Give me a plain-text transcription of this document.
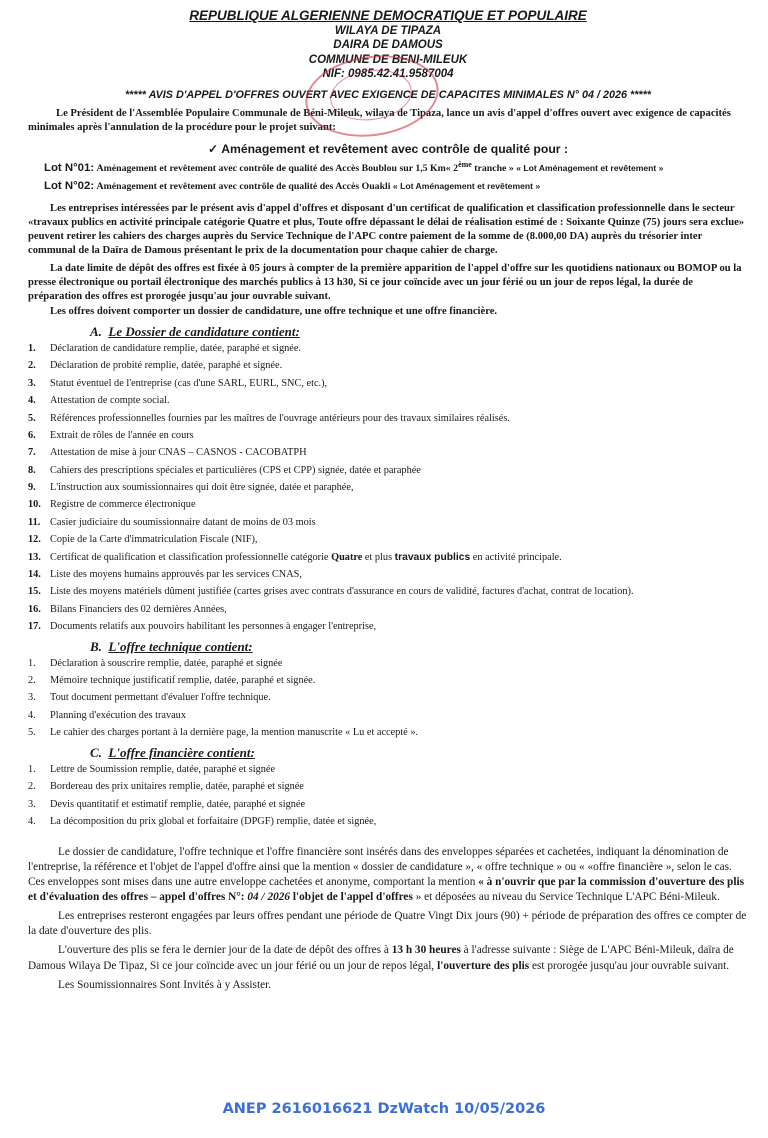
REPUBLIQUE ALGERIENNE DEMOCRATIQUE ET POPULAIRE
WILAYA DE TIPAZA
DAIRA DE DAMOUS
COMMUNE DE BENI-MILEUK
NIF: 0985.42.41.9587004
***** AVIS D'APPEL D'OFFRES OUVERT AVEC EXIGENCE DE CAPACITES MINIMALES N° 04 / 2026 *****

Le Président de l'Assemblée Populaire Communale de Béni-Mileuk, wilaya de Tipaza, lance un avis d'appel d'offres ouvert avec exigence de capacités minimales après l'annulation de la procédure pour le projet suivant:

✓ Aménagement et revêtement avec contrôle de qualité pour :
Lot N°01: Aménagement et revêtement avec contrôle de qualité des Accès Boublou sur 1,5 Km« 2ème tranche » « Lot Aménagement et revêtement »
Lot N°02: Aménagement et revêtement avec contrôle de qualité des Accès Ouakli « Lot Aménagement et revêtement »

Les entreprises intéressées par le présent avis d'appel d'offres et disposant d'un certificat de qualification et classification professionnelle dans le secteur «travaux publics en activité principale catégorie Quatre et plus, Toute offre dépassant le délai de réalisation estimé de : Soixante Quinze (75) jours sera exclue» peuvent retirer les cahiers des charges auprès du Service Technique de l'APC contre paiement de la somme de (8.000,00 DA) auprès du trésorier inter communal de la Daïra de Damous présentant le prix de la documentation pour chaque cahier de charge.

La date limite de dépôt des offres est fixée à 05 jours à compter de la première apparition de l'appel d'offre sur les quotidiens nationaux ou BOMOP ou la presse électronique ou portail électronique des marchés publics à 13 h30, Si ce jour coïncide avec un jour férié ou un jour de repos légal, la durée de préparation des offres est prorogée jusqu'au jour ouvrable suivant.

Les offres doivent comporter un dossier de candidature, une offre technique et une offre financière.

A. Le Dossier de candidature contient:
1.	Déclaration de candidature remplie, datée, paraphé et signée.
2.	Déclaration de probité remplie, datée, paraphé et signée.
3.	Statut éventuel de l'entreprise (cas d'une SARL, EURL, SNC, etc.),
4.	Attestation de compte social.
5.	Références professionnelles fournies par les maîtres de l'ouvrage antérieurs pour des travaux similaires réalisés.
6.	Extrait de rôles de l'année en cours
7.	Attestation de mise à jour CNAS – CASNOS - CACOBATPH
8.	Cahiers des prescriptions spéciales et particulières (CPS et CPP) signée, datée et paraphée
9.	L'instruction aux soumissionnaires qui doit être signée, datée et paraphée,
10. Registre de commerce électronique
11. Casier judiciaire du soumissionnaire datant de moins de 03 mois
12. Copie de la Carte d'immatriculation Fiscale (NIF),
13. Certificat de qualification et classification professionnelle catégorie Quatre et plus travaux publics en activité principale.
14. Liste des moyens humains approuvés par les services CNAS,
15. Liste des moyens matériels dûment justifiée (cartes grises avec contrats d'assurance en cours de validité, factures d'achat, contrat de location).
16. Bilans Financiers des 02 dernières Années,
17. Documents relatifs aux pouvoirs habilitant les personnes à engager l'entreprise,
B. L'offre technique contient:
1.	Déclaration à souscrire remplie, datée, paraphé et signée
2.	Mémoire technique justificatif remplie, datée, paraphé et signée.
3.	Tout document permettant d'évaluer l'offre technique.
4.	Planning d'exécution des travaux
5.	Le cahier des charges portant à la dernière page, la mention manuscrite « Lu et accepté ».
C. L'offre financière contient:
1.	Lettre de Soumission remplie, datée, paraphé et signée
2.	Bordereau des prix unitaires remplie, datée, paraphé et signée
3.	Devis quantitatif et estimatif remplie, datée, paraphé et signée
4.	La décomposition du prix global et forfaitaire (DPGF) remplie, datée et signée,

Le dossier de candidature, l'offre technique et l'offre financière sont insérés dans des enveloppes séparées et cachetées, indiquant la dénomination de l'entreprise, la référence et l'objet de l'appel d'offre ainsi que la mention « dossier de candidature », « offre technique » ou « «offre financière », selon le cas. Ces enveloppes sont mises dans une autre enveloppe cachetées et anonyme, comportant la mention « à n'ouvrir que par la commission d'ouverture des plis et d'évaluation des offres – appel d'offres N°: 04 / 2026 l'objet de l'appel d'offres » et déposées au niveau du Service Technique L'APC Béni-Mileuk.

Les entreprises resteront engagées par leurs offres pendant une période de Quatre Vingt Dix jours (90) + période de préparation des offres ce compter de la date d'ouverture des plis.

L'ouverture des plis se fera le dernier jour de la date de dépôt des offres à 13 h 30 heures à l'adresse suivante : Siège de L'APC Béni-Mileuk, daïra de Damous Wilaya De Tipaz, Si ce jour coïncide avec un jour férié ou un jour de repos légal, l'ouverture des plis est prorogée jusqu'au jour ouvrable suivant.

Les Soumissionnaires Sont Invités à y Assister.

ANEP 2616016621 DzWatch 10/05/2026
